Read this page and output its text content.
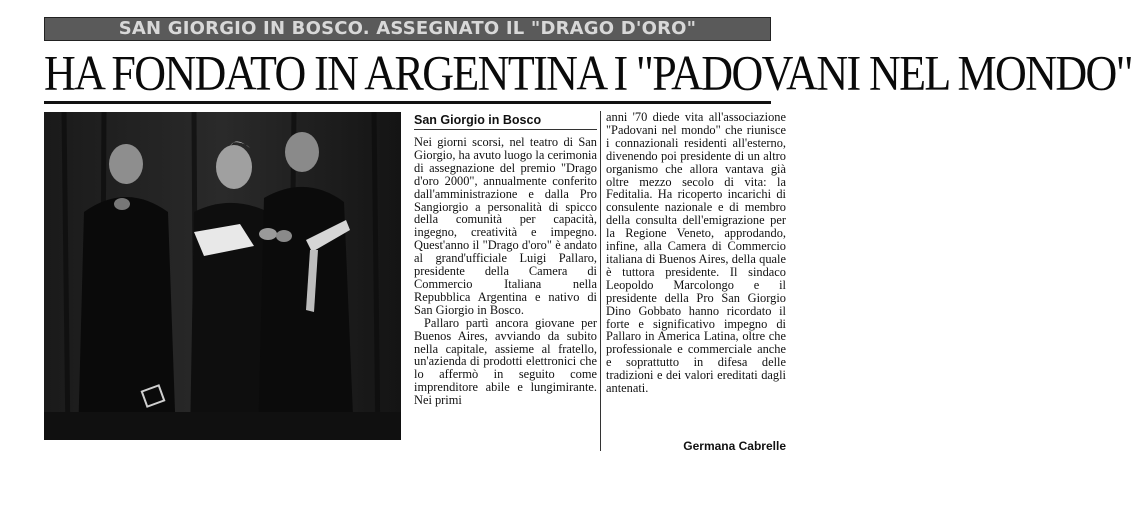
SAN GIORGIO IN BOSCO. ASSEGNATO IL "DRAGO D'ORO"
HA FONDATO IN ARGENTINA I "PADOVANI NEL MONDO"
San Giorgio in Bosco

Nei giorni scorsi, nel teatro di San Giorgio, ha avuto luogo la cerimonia di assegnazione del premio "Drago d'oro 2000", annualmente conferito dall'amministrazione e dalla Pro Sangiorgio a personalità di spicco della comunità per capacità, ingegno, creatività e impegno. Quest'anno il "Drago d'oro" è andato al grand'ufficiale Luigi Pallaro, presidente della Camera di Commercio Italiana nella Repubblica Argentina e nativo di San Giorgio in Bosco.

Pallaro partì ancora giovane per Buenos Aires, avviando da subito nella capitale, assieme al fratello, un'azienda di prodotti elettronici che lo affermò in seguito come imprenditore abile e lungimirante. Nei primi

anni '70 diede vita all'associazione "Padovani nel mondo" che riunisce i connazionali residenti all'esterno, divenendo poi presidente di un altro organismo che allora vantava già oltre mezzo secolo di vita: la Feditalia. Ha ricoperto incarichi di consulente nazionale e di membro della consulta dell'emigrazione per la Regione Veneto, approdando, infine, alla Camera di Commercio italiana di Buenos Aires, della quale è tuttora presidente. Il sindaco Leopoldo Marcolongo e il presidente della Pro San Giorgio Dino Gobbato hanno ricordato il forte e significativo impegno di Pallaro in America Latina, oltre che professionale e commerciale anche e soprattutto in difesa delle tradizioni e dei valori ereditati dagli antenati.

Germana Cabrelle
